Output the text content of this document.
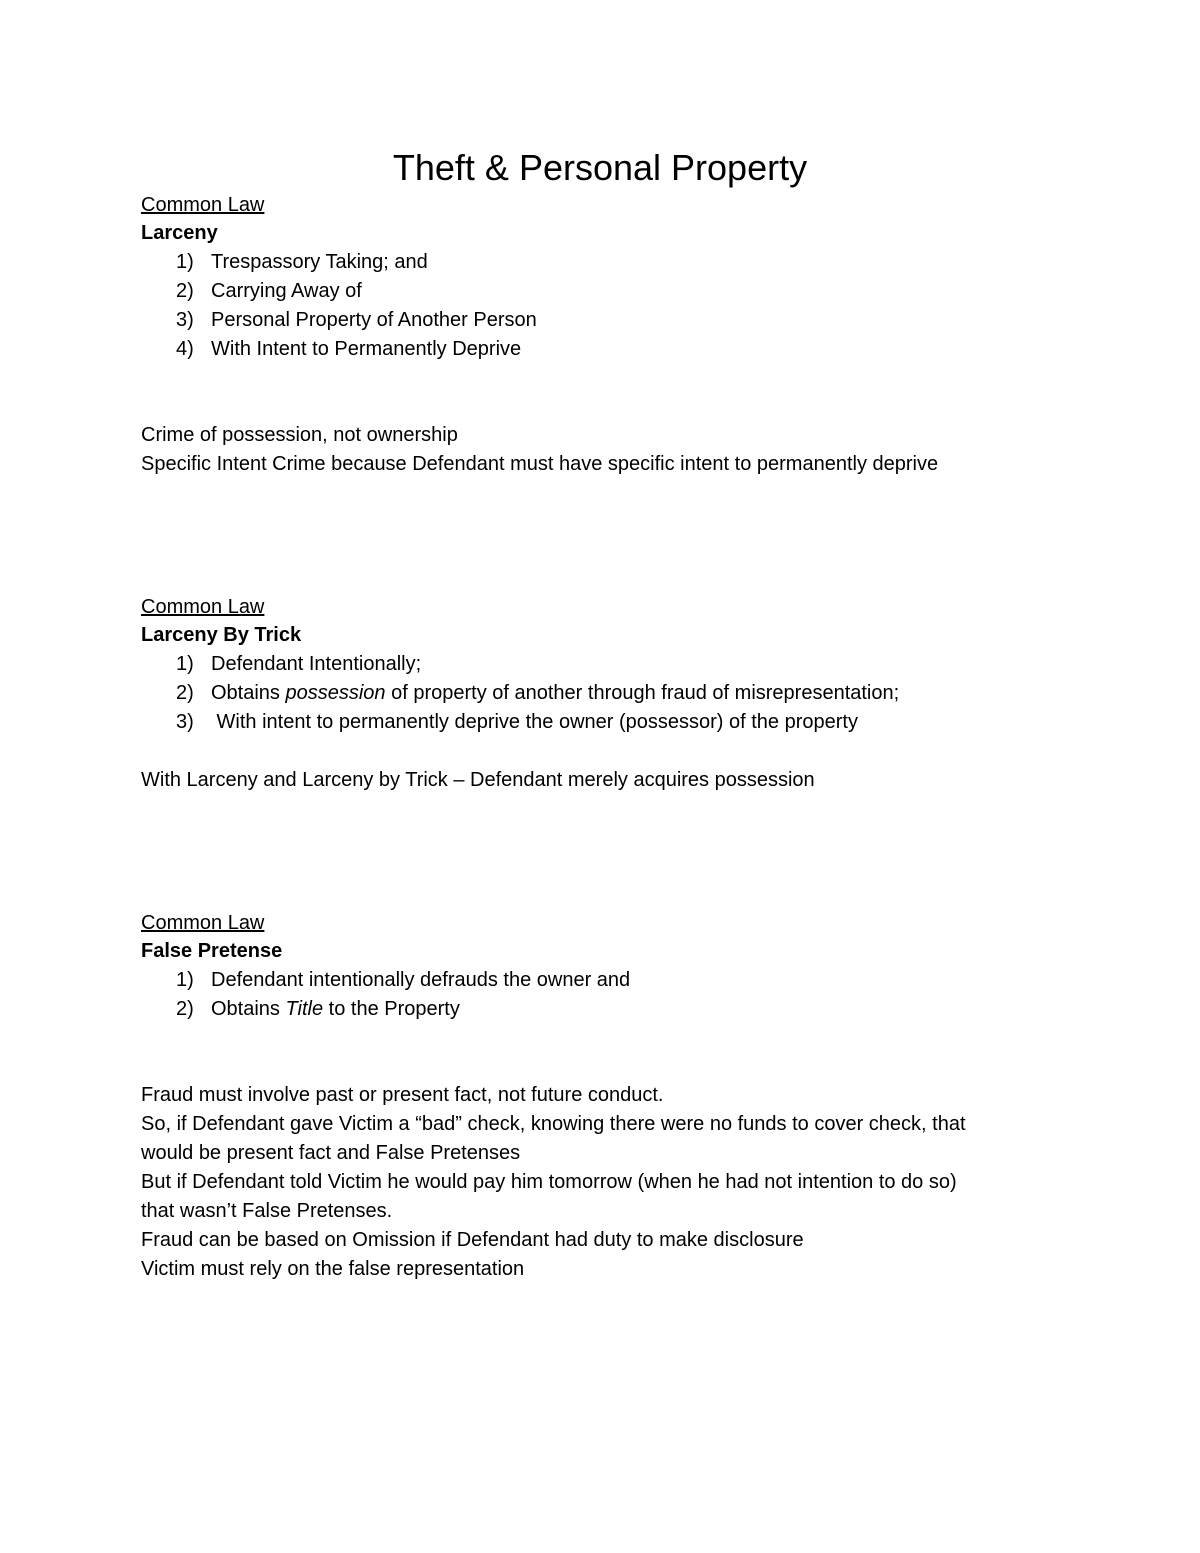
Theft & Personal Property

Common Law

Larceny

1) Trespassory Taking; and
2) Carrying Away of
3) Personal Property of Another Person
4) With Intent to Permanently Deprive

Crime of possession, not ownership

Specific Intent Crime because Defendant must have specific intent to permanently deprive

Common Law

Larceny By Trick

1) Defendant Intentionally;
2) Obtains possession of property of another through fraud of misrepresentation;
3) With intent to permanently deprive the owner (possessor) of the property

With Larceny and Larceny by Trick – Defendant merely acquires possession

Common Law

False Pretense

1) Defendant intentionally defrauds the owner and
2) Obtains Title to the Property

Fraud must involve past or present fact, not future conduct.

So, if Defendant gave Victim a “bad” check, knowing there were no funds to cover check, that

would be present fact and False Pretenses

But if Defendant told Victim he would pay him tomorrow (when he had not intention to do so)

that wasn’t False Pretenses.

Fraud can be based on Omission if Defendant had duty to make disclosure

Victim must rely on the false representation
